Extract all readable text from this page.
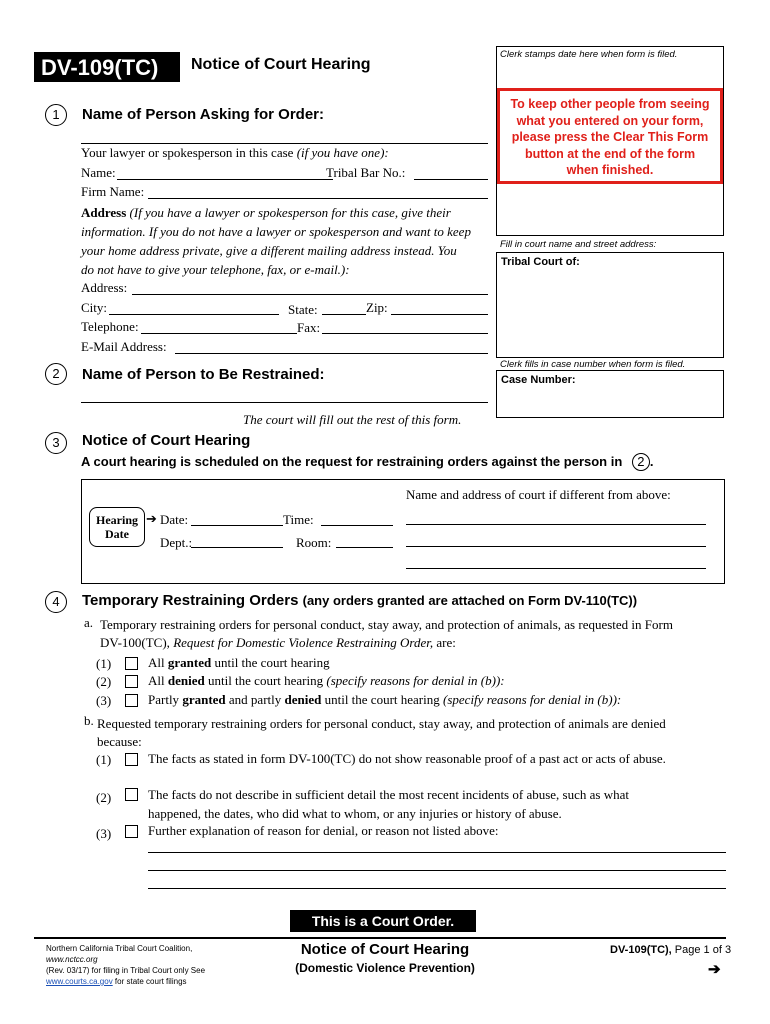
DV-109(TC)	Notice of Court Hearing
Clerk stamps date here when form is filed.
To keep other people from seeing what you entered on your form, please press the Clear This Form button at the end of the form when finished.
Fill in court name and street address:
Tribal Court of:
Clerk fills in case number when form is filed.
Case Number:
1	Name of Person Asking for Order:
Your lawyer or spokesperson in this case (if you have one):
Name:	Tribal Bar No.:
Firm Name:
Address (If you have a lawyer or spokesperson for this case, give their
information. If you do not have a lawyer or spokesperson and want to keep
your home address private, give a different mailing address instead. You
do not have to give your telephone, fax, or e-mail.):
Address:
City:	State:	Zip:
Telephone:	Fax:
E-Mail Address:
2	Name of Person to Be Restrained:
The court will fill out the rest of this form.
3	Notice of Court Hearing
A court hearing is scheduled on the request for restraining orders against the person in 2 .
Hearing
Date
➔ Date:	Time:
Dept.:	Room:
Name and address of court if different from above:
4	Temporary Restraining Orders (any orders granted are attached on Form DV-110(TC))
a. Temporary restraining orders for personal conduct, stay away, and protection of animals, as requested in Form
DV-100(TC), Request for Domestic Violence Restraining Order, are:
(1)	All granted until the court hearing
(2)	All denied until the court hearing (specify reasons for denial in (b)):
(3)	Partly granted and partly denied until the court hearing (specify reasons for denial in (b)):
b. Requested temporary restraining orders for personal conduct, stay away, and protection of animals are denied
because:
(1)	The facts as stated in form DV-100(TC) do not show reasonable proof of a past act or acts of abuse.
(2)	The facts do not describe in sufficient detail the most recent incidents of abuse, such as what
happened, the dates, who did what to whom, or any injuries or history of abuse.
(3)	Further explanation of reason for denial, or reason not listed above:
This is a Court Order.
Northern California Tribal Court Coalition,
www.nctcc.org
(Rev. 03/17) for filing in Tribal Court only See
www.courts.ca.gov for state court filings
Notice of Court Hearing
(Domestic Violence Prevention)
DV-109(TC), Page 1 of 3
➔
